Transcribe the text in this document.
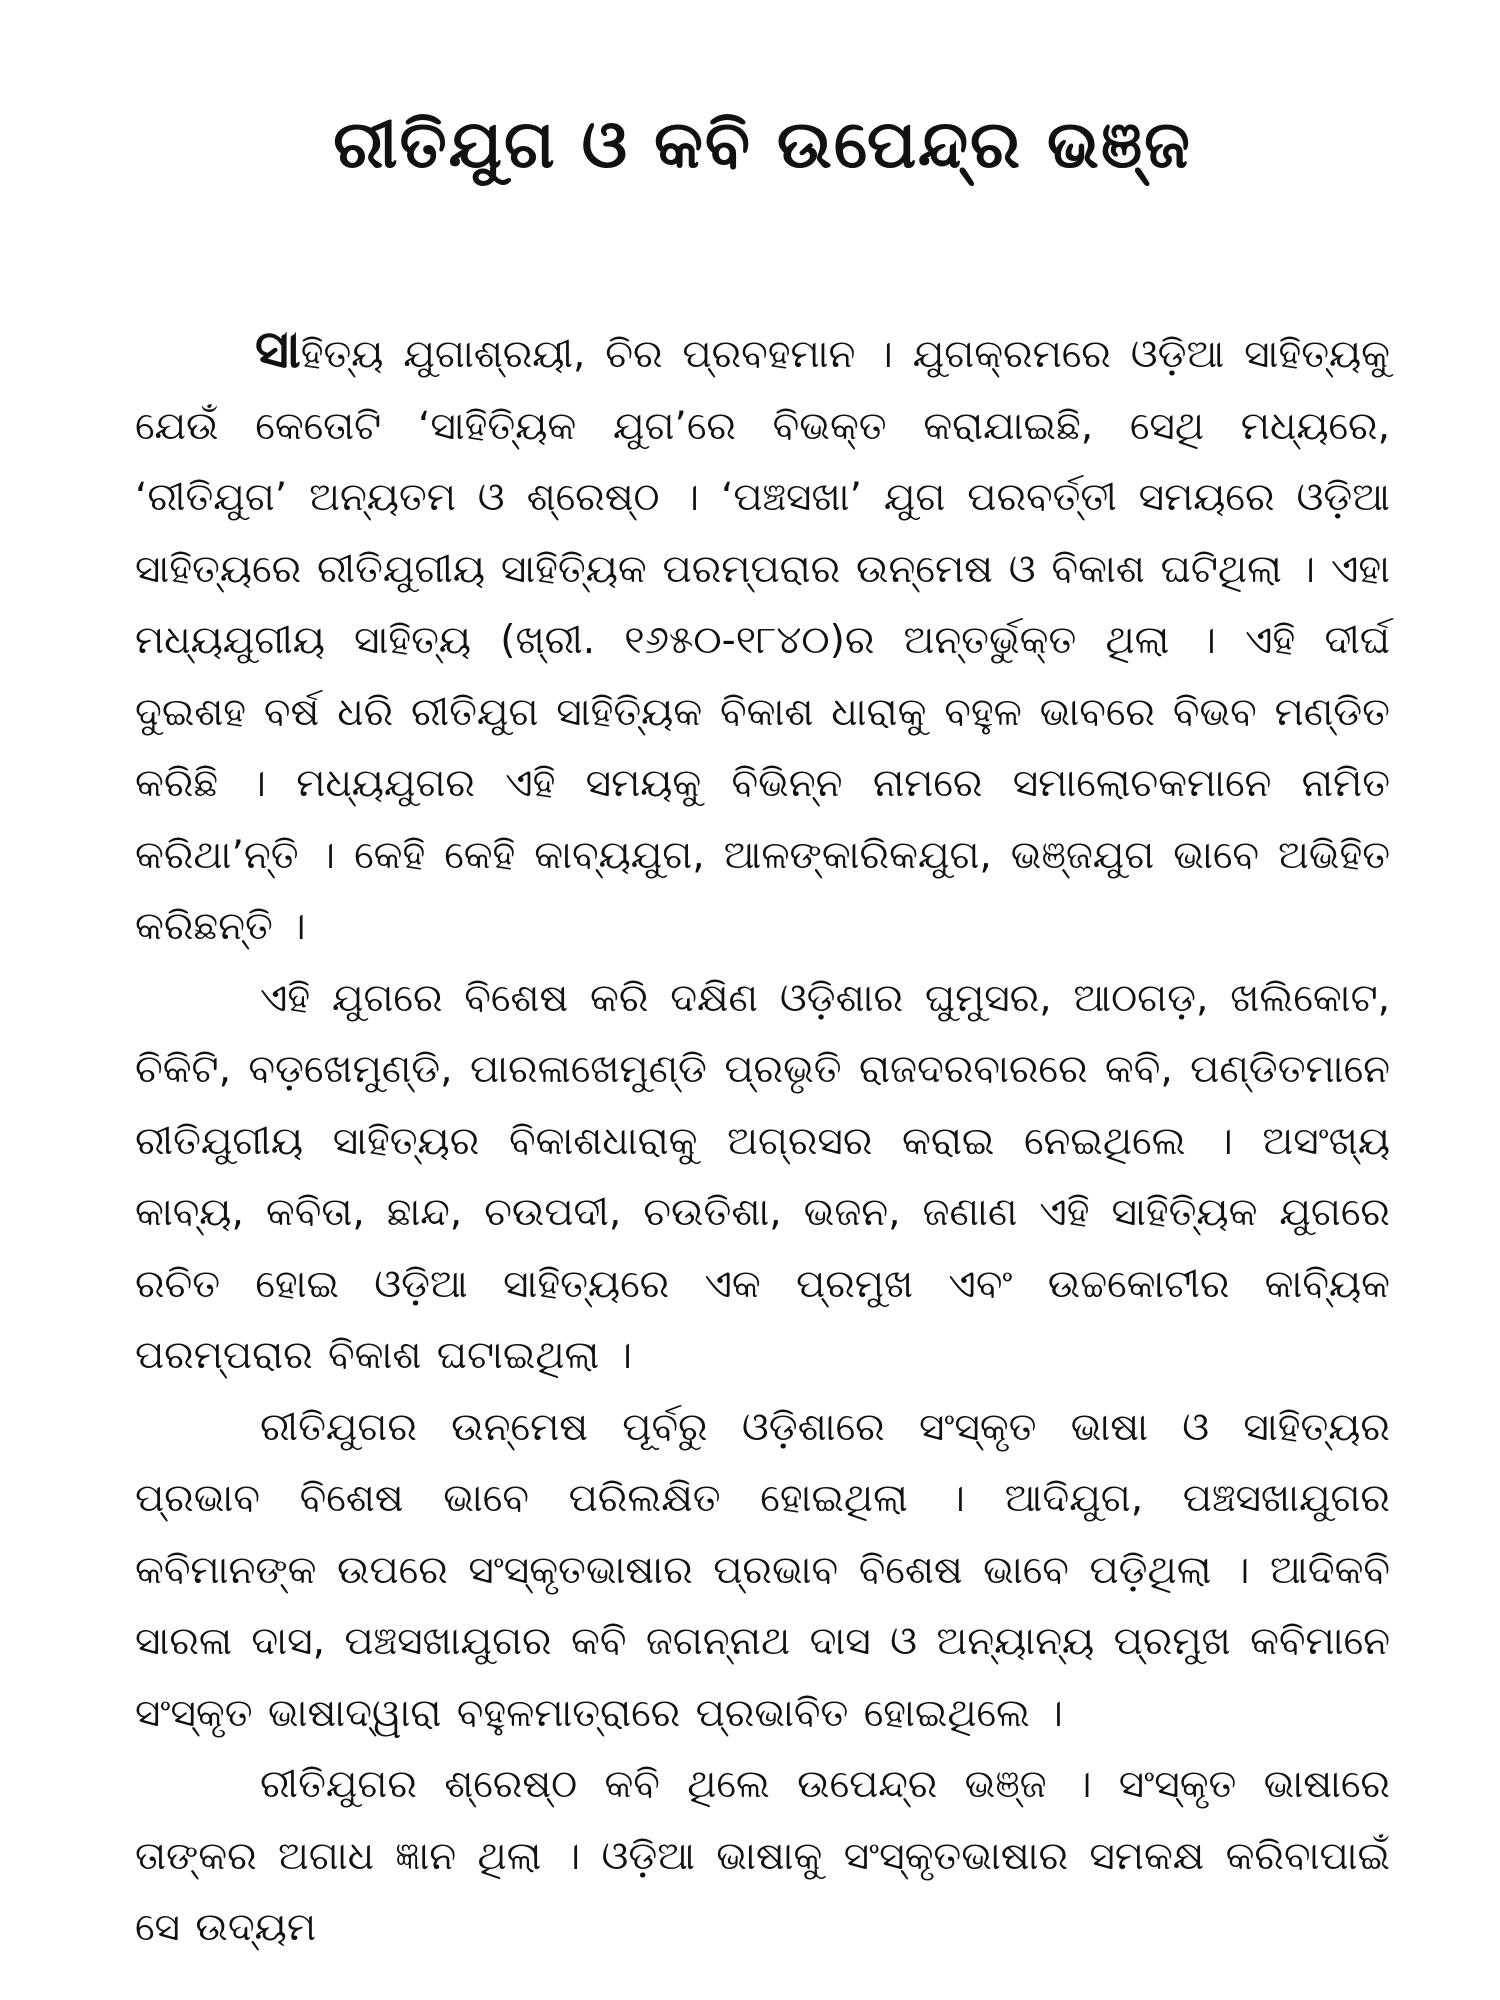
ରୀତିଯୁଗ ଓ କବି ଉପେନ୍ଦ୍ର ଭଞ୍ଜ

ସାହିତ୍ୟ ଯୁଗାଶ୍ରୟୀ, ଚିର ପ୍ରବହମାନ । ଯୁଗକ୍ରମରେ ଓଡ଼ିଆ ସାହିତ୍ୟକୁ ଯେଉଁ କେତୋଟି ‘ସାହିତ୍ୟିକ ଯୁଗ’ରେ ବିଭକ୍ତ କରାଯାଇଛି, ସେଥି ମଧ୍ୟରେ, ‘ରୀତିଯୁଗ’ ଅନ୍ୟତମ ଓ ଶ୍ରେଷ୍ଠ । ‘ପଞ୍ଚସଖା’ ଯୁଗ ପରବର୍ତ୍ତୀ ସମୟରେ ଓଡ଼ିଆ ସାହିତ୍ୟରେ ରୀତିଯୁଗୀୟ ସାହିତ୍ୟିକ ପରମ୍ପରାର ଉନ୍ମେଷ ଓ ବିକାଶ ଘଟିଥିଲା । ଏହା ମଧ୍ୟଯୁଗୀୟ ସାହିତ୍ୟ (ଖ୍ରୀ. ୧୬୫୦-୧୮୪୦)ର ଅନ୍ତର୍ଭୁକ୍ତ ଥିଲା । ଏହି ଦୀର୍ଘ ଦୁଇଶହ ବର୍ଷ ଧରି ରୀତିଯୁଗ ସାହିତ୍ୟିକ ବିକାଶ ଧାରାକୁ ବହୁଳ ଭାବରେ ବିଭବ ମଣ୍ଡିତ କରିଛି । ମଧ୍ୟଯୁଗର ଏହି ସମୟକୁ ବିଭିନ୍ନ ନାମରେ ସମାଲୋଚକମାନେ ନାମିତ କରିଥା’ନ୍ତି । କେହି କେହି କାବ୍ୟଯୁଗ, ଆଳଙ୍କାରିକଯୁଗ, ଭଞ୍ଜଯୁଗ ଭାବେ ଅଭିହିତ କରିଛନ୍ତି ।

ଏହି ଯୁଗରେ ବିଶେଷ କରି ଦକ୍ଷିଣ ଓଡ଼ିଶାର ଘୁମୁସର, ଆଠଗଡ଼, ଖଲିକୋଟ, ଚିକିଟି, ବଡ଼ଖେମୁଣ୍ଡି, ପାରଳାଖେମୁଣ୍ଡି ପ୍ରଭୃତି ରାଜଦରବାରରେ କବି, ପଣ୍ଡିତମାନେ ରୀତିଯୁଗୀୟ ସାହିତ୍ୟର ବିକାଶଧାରାକୁ ଅଗ୍ରସର କରାଇ ନେଇଥିଲେ । ଅସଂଖ୍ୟ କାବ୍ୟ, କବିତା, ଛାନ୍ଦ, ଚଉପଦୀ, ଚଉତିଶା, ଭଜନ, ଜଣାଣ ଏହି ସାହିତ୍ୟିକ ଯୁଗରେ ରଚିତ ହୋଇ ଓଡ଼ିଆ ସାହିତ୍ୟରେ ଏକ ପ୍ରମୁଖ ଏବଂ ଉଚ୍ଚକୋଟୀର କାବ୍ୟିକ ପରମ୍ପରାର ବିକାଶ ଘଟାଇଥିଲା ।

ରୀତିଯୁଗର ଉନ୍ମେଷ ପୂର୍ବରୁ ଓଡ଼ିଶାରେ ସଂସ୍କୃତ ଭାଷା ଓ ସାହିତ୍ୟର ପ୍ରଭାବ ବିଶେଷ ଭାବେ ପରିଲକ୍ଷିତ ହୋଇଥିଲା । ଆଦିଯୁଗ, ପଞ୍ଚସଖାଯୁଗର କବିମାନଙ୍କ ଉପରେ ସଂସ୍କୃତଭାଷାର ପ୍ରଭାବ ବିଶେଷ ଭାବେ ପଡ଼ିଥିଲା । ଆଦିକବି ସାରଳା ଦାସ, ପଞ୍ଚସଖାଯୁଗର କବି ଜଗନ୍ନାଥ ଦାସ ଓ ଅନ୍ୟାନ୍ୟ ପ୍ରମୁଖ କବିମାନେ ସଂସ୍କୃତ ଭାଷାଦ୍ୱାରା ବହୁଳମାତ୍ରାରେ ପ୍ରଭାବିତ ହୋଇଥିଲେ ।

ରୀତିଯୁଗର ଶ୍ରେଷ୍ଠ କବି ଥିଲେ ଉପେନ୍ଦ୍ର ଭଞ୍ଜ । ସଂସ୍କୃତ ଭାଷାରେ ତାଙ୍କର ଅଗାଧ ଜ୍ଞାନ ଥିଲା । ଓଡ଼ିଆ ଭାଷାକୁ ସଂସ୍କୃତଭାଷାର ସମକକ୍ଷ କରିବାପାଇଁ ସେ ଉଦ୍ୟମ
